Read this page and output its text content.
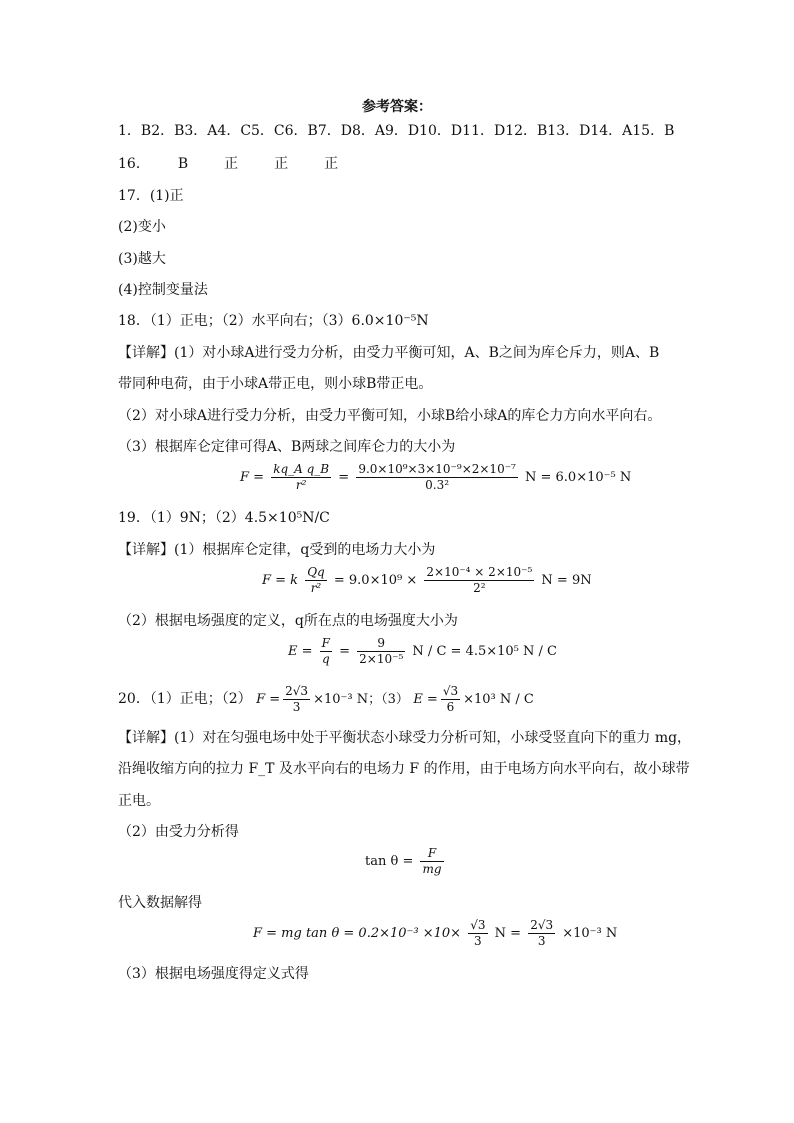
参考答案：
1．B2．B3．A4．C5．C6．B7．D8．A9．D10．D11．D12．B13．D14．A15．B
16． B	正	正	正
17．(1)正
(2)变小
(3)越大
(4)控制变量法
18．（1）正电；（2）水平向右；（3）6.0×10⁻⁵N
【详解】(1）对小球A进行受力分析，由受力平衡可知，A、B之间为库仑斥力，则A、B
带同种电荷，由于小球A带正电，则小球B带正电。
（2）对小球A进行受力分析，由受力平衡可知，小球B给小球A的库仑力方向水平向右。
（3）根据库仑定律可得A、B两球之间库仑力的大小为
$F = \frac{\text{kq\_A q\_B}}{\text{r²}} = \frac{\text{9.0×10⁹×3×10⁻⁹×2×10⁻⁷}}{\text{0.3²}}$ N = 6.0×10⁻⁵ N
19．（1）9N；（2）4.5×10⁵N/C
【详解】(1）根据库仑定律，q受到的电场力大小为
F = k $\frac{Qq}{\text{r²}} = 9.0\times 10^9 \times \frac{\text{2×10⁻⁴ × 2×10⁻⁵}}{\text{2²}}$ N = 9N
（2）根据电场强度的定义，q所在点的电场强度大小为
$E = \frac{F}{q} = \frac{9}{\text{2×10⁻⁵}}$ N / C = 4.5×10⁵ N / C
20．（1）正电；（2） $F = \frac{2√3}{3} \times 10^{-3}$ N；（3） $E = \frac{√3}{6} \times 10^3$ N / C
【详解】(1）对在匀强电场中处于平衡状态小球受力分析可知，小球受竖直向下的重力 mg，
沿绳收缩方向的拉力 F_T 及水平向右的电场力 F 的作用，由于电场方向水平向右，故小球带
正电。
（2）由受力分析得
$\tan \theta = \frac{F}{mg}$
代入数据解得
F = mg $\tan \theta = 0.2\times 10^{-3} \times 10\times \frac{√3}{3}$ $N = \frac{2√3}{3} \times 10^{-3}$ N
（3）根据电场强度得定义式得
